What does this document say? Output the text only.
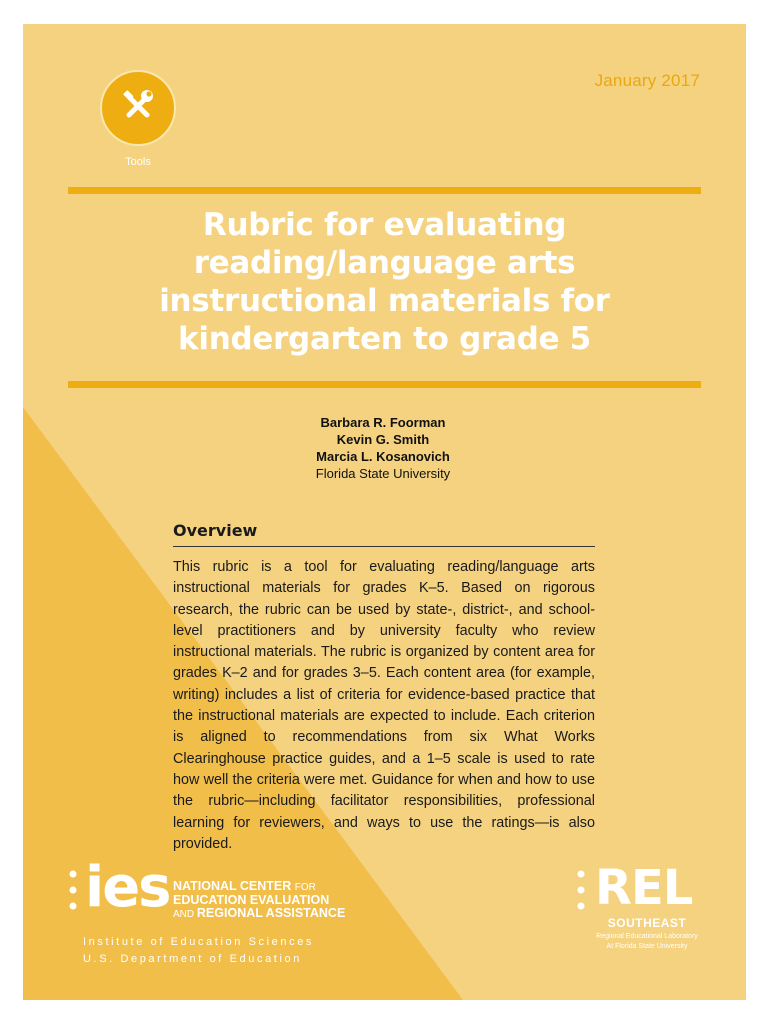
Tools
January 2017
Rubric for evaluating
reading/language arts
instructional materials for
kindergarten to grade 5
Barbara R. Foorman
Kevin G. Smith
Marcia L. Kosanovich
Florida State University
Overview

This rubric is a tool for evaluating reading/language arts instructional materials for grades K–5. Based on rigorous research, the rubric can be used by state-, district-, and school-level practitioners and by university faculty who review instructional materials. The rubric is organized by content area for grades K–2 and for grades 3–5. Each content area (for example, writing) includes a list of criteria for evidence-based practice that the instructional materials are expected to include. Each criterion is aligned to recommendations from six What Works Clearinghouse practice guides, and a 1–5 scale is used to rate how well the criteria were met. Guidance for when and how to use the rubric—including facilitator responsibilities, professional learning for reviewers, and ways to use the ratings—is also provided.

ies NATIONAL CENTER FOR
EDUCATION EVALUATION
AND REGIONAL ASSISTANCE
Institute of Education Sciences
U.S. Department of Education
REL
SOUTHEAST
Regional Educational Laboratory
At Florida State University
